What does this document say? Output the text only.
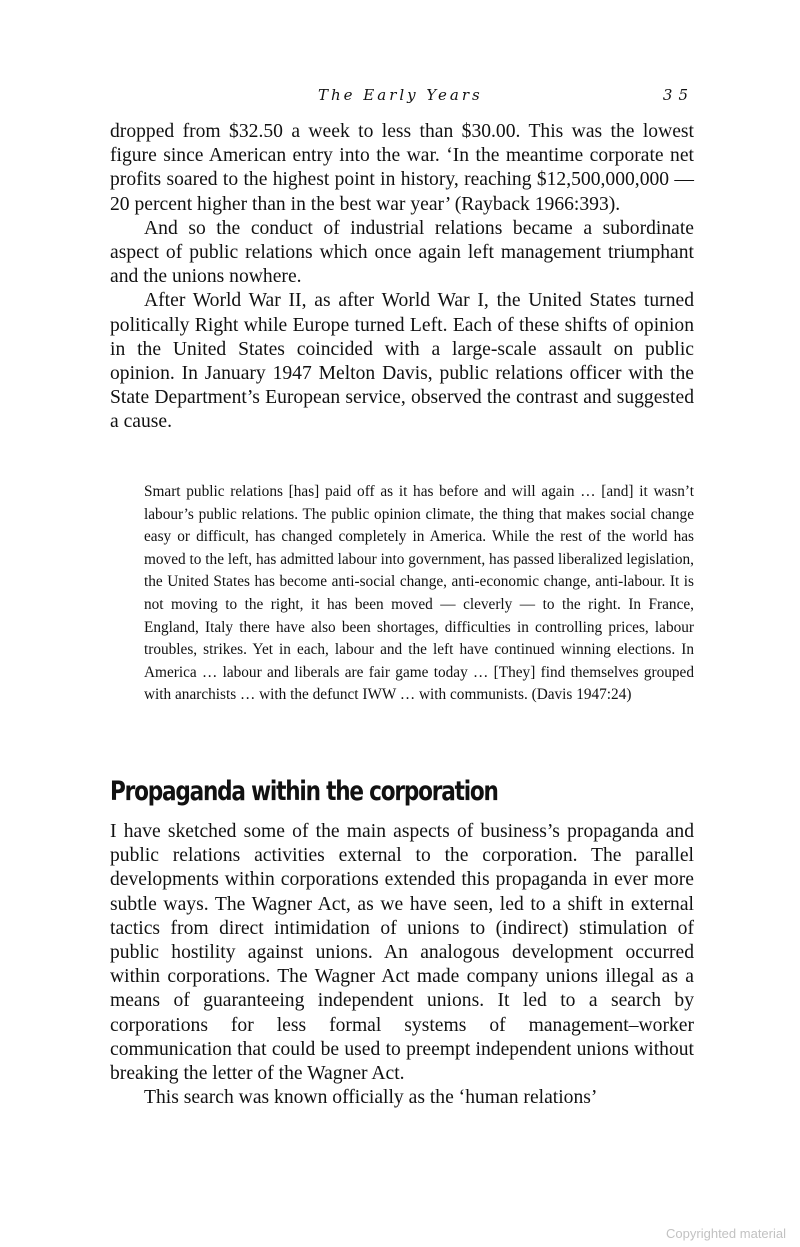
The Early Years	35

dropped from $32.50 a week to less than $30.00. This was the lowest figure since American entry into the war. ‘In the meantime corporate net profits soared to the highest point in history, reaching $12,500,000,000 — 20 percent higher than in the best war year’ (Rayback 1966:393).

And so the conduct of industrial relations became a subordinate aspect of public relations which once again left management triumphant and the unions nowhere.

After World War II, as after World War I, the United States turned politically Right while Europe turned Left. Each of these shifts of opinion in the United States coincided with a large-scale assault on public opinion. In January 1947 Melton Davis, public relations officer with the State Department’s European service, observed the contrast and suggested a cause.

Smart public relations [has] paid off as it has before and will again … [and] it wasn’t labour’s public relations. The public opinion climate, the thing that makes social change easy or difficult, has changed completely in America. While the rest of the world has moved to the left, has admitted labour into government, has passed liberalized legislation, the United States has become anti-social change, anti-economic change, anti-labour. It is not moving to the right, it has been moved — cleverly — to the right. In France, England, Italy there have also been shortages, difficulties in controlling prices, labour troubles, strikes. Yet in each, labour and the left have continued winning elections. In America … labour and liberals are fair game today … [They] find themselves grouped with anarchists … with the defunct IWW … with communists. (Davis 1947:24)
Propaganda within the corporation

I have sketched some of the main aspects of business’s propaganda and public relations activities external to the corporation. The parallel developments within corporations extended this propaganda in ever more subtle ways. The Wagner Act, as we have seen, led to a shift in external tactics from direct intimidation of unions to (indirect) stimulation of public hostility against unions. An analogous development occurred within corporations. The Wagner Act made company unions illegal as a means of guaranteeing independent unions. It led to a search by corporations for less formal systems of management–worker communication that could be used to preempt independent unions without breaking the letter of the Wagner Act.

This search was known officially as the ‘human relations’

Copyrighted material
